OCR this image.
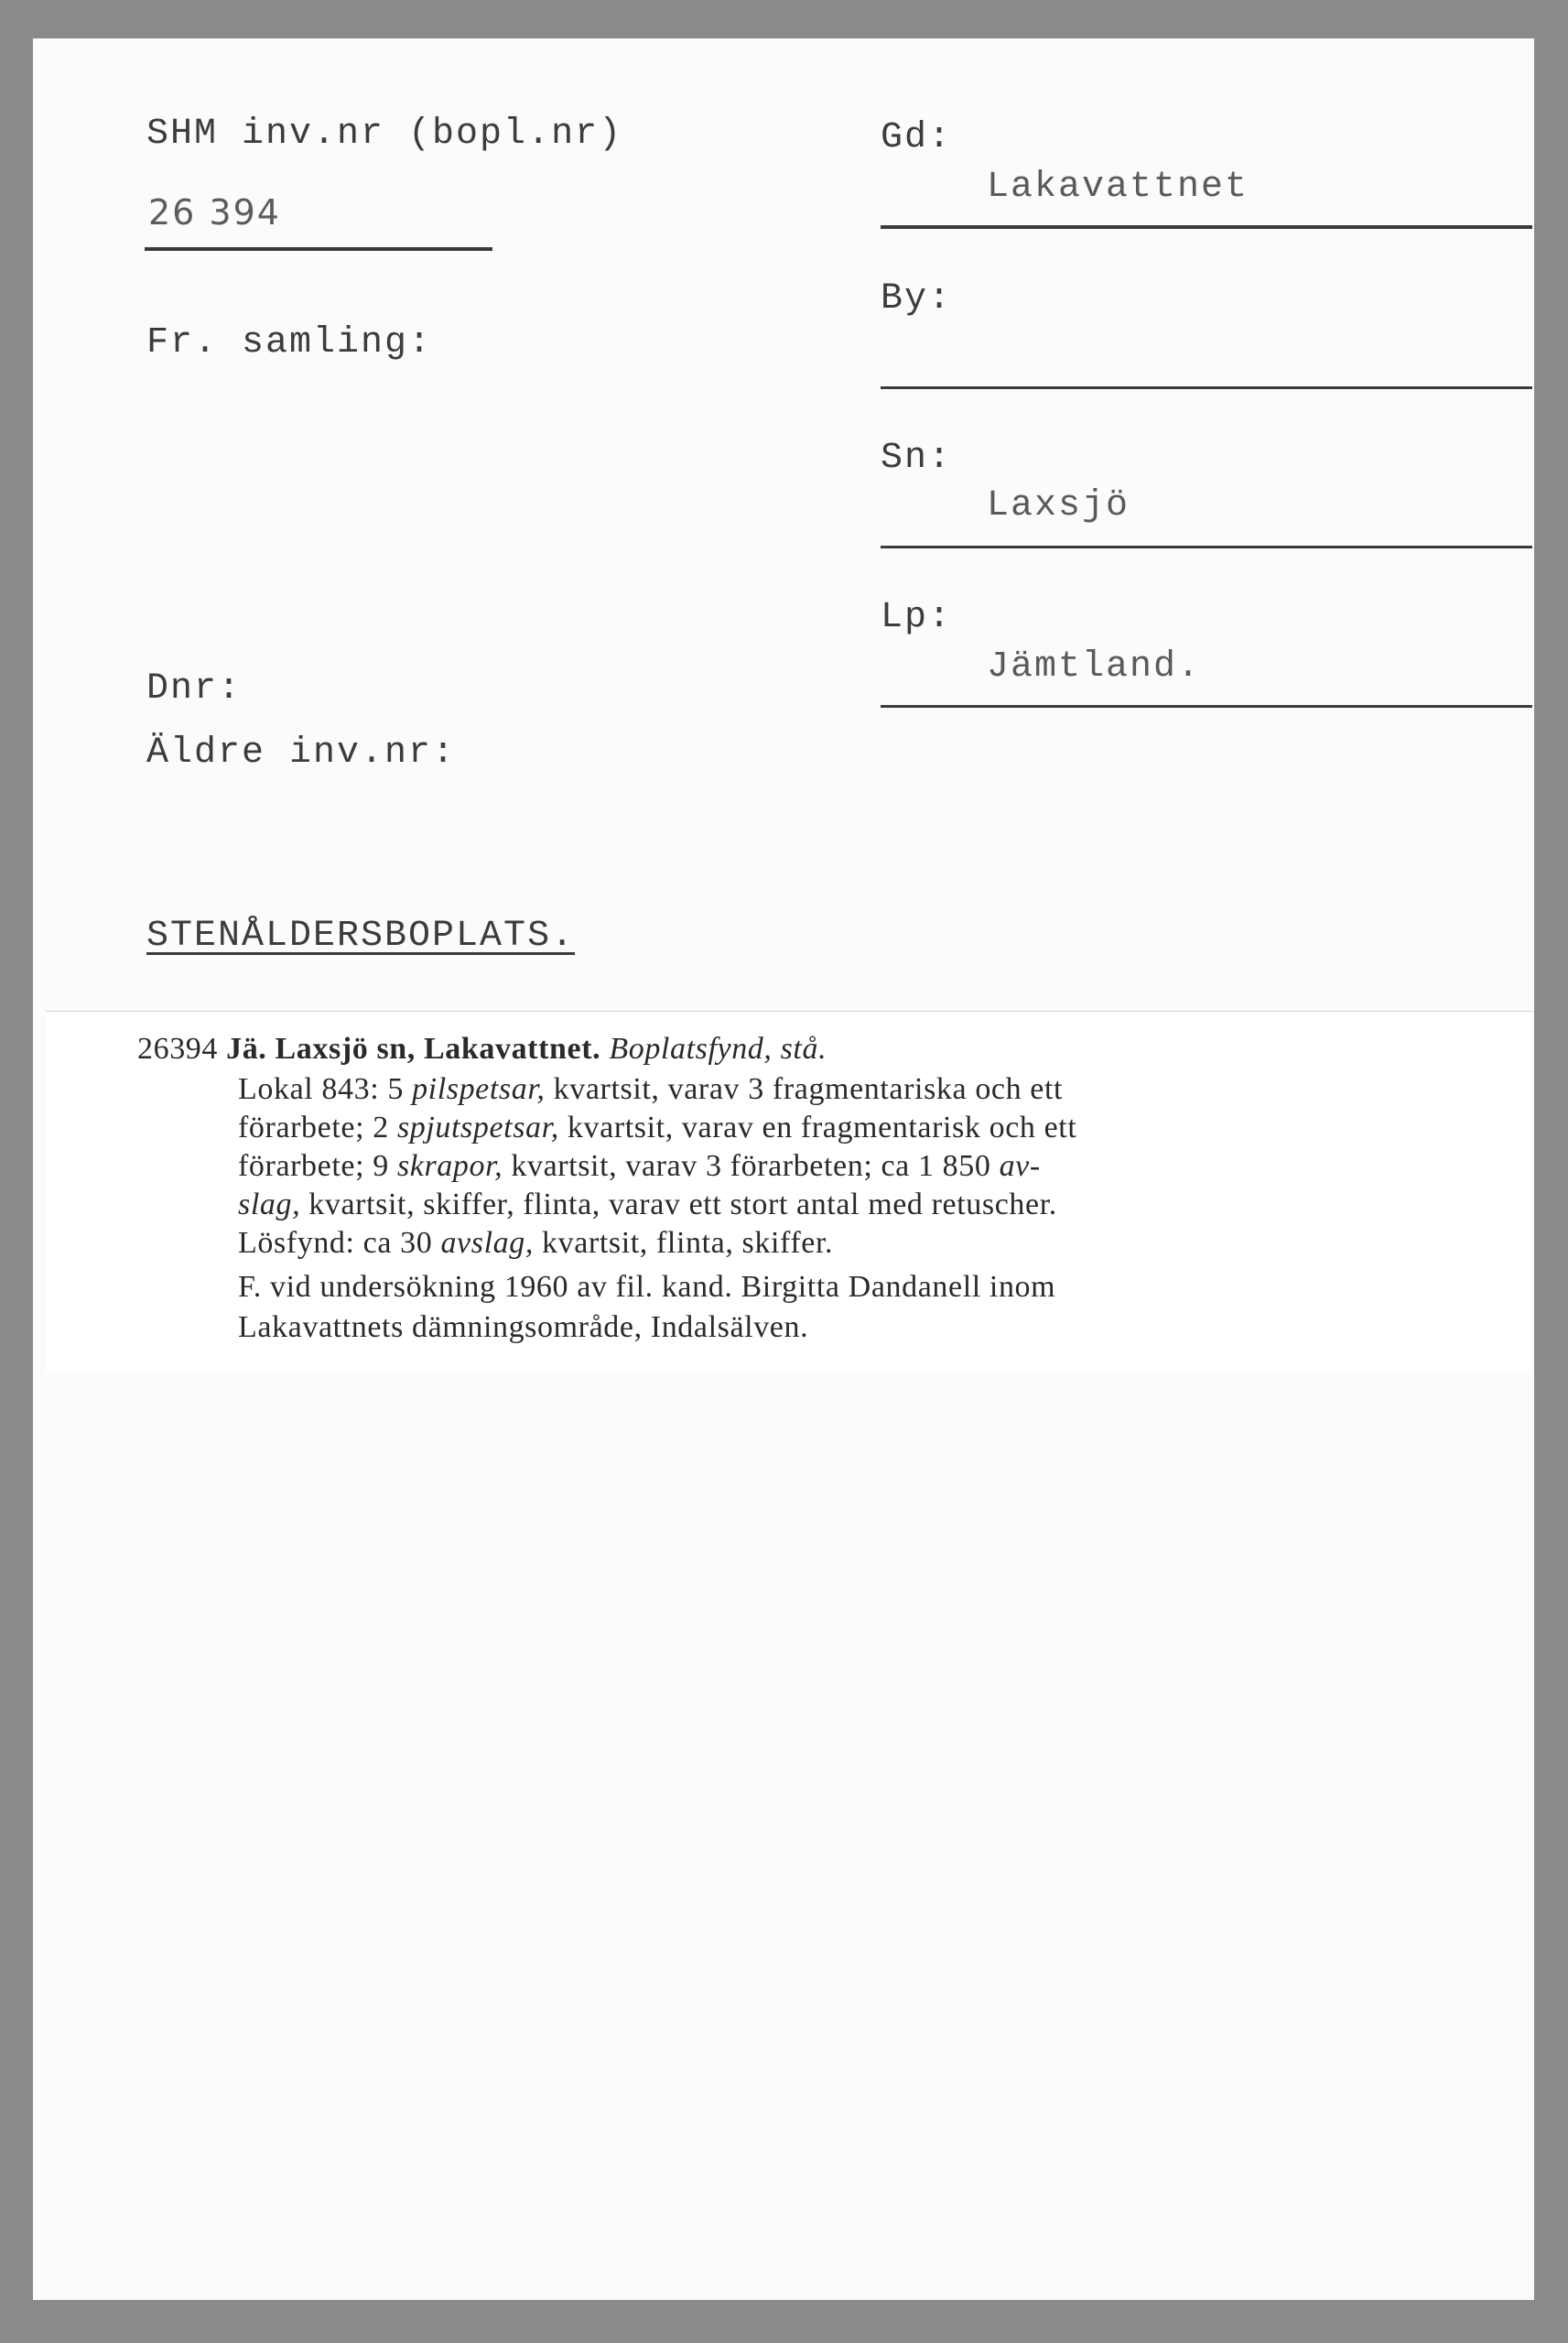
SHM inv.nr (bopl.nr)
26 394
Fr. samling:
Dnr:
Äldre inv.nr:
STENÅLDERSBOPLATS.
Gd:
Lakavattnet
By:
Sn:
Laxsjö
Lp:
Jämtland.

26394 Jä. Laxsjö sn, Lakavattnet. Boplatsfynd, stå.

Lokal 843: 5 pilspetsar, kvartsit, varav 3 fragmentariska och ett

förarbete; 2 spjutspetsar, kvartsit, varav en fragmentarisk och ett

förarbete; 9 skrapor, kvartsit, varav 3 förarbeten; ca 1 850 av-

slag, kvartsit, skiffer, flinta, varav ett stort antal med retuscher.

Lösfynd: ca 30 avslag, kvartsit, flinta, skiffer.

F. vid undersökning 1960 av fil. kand. Birgitta Dandanell inom

Lakavattnets dämningsområde, Indalsälven.
